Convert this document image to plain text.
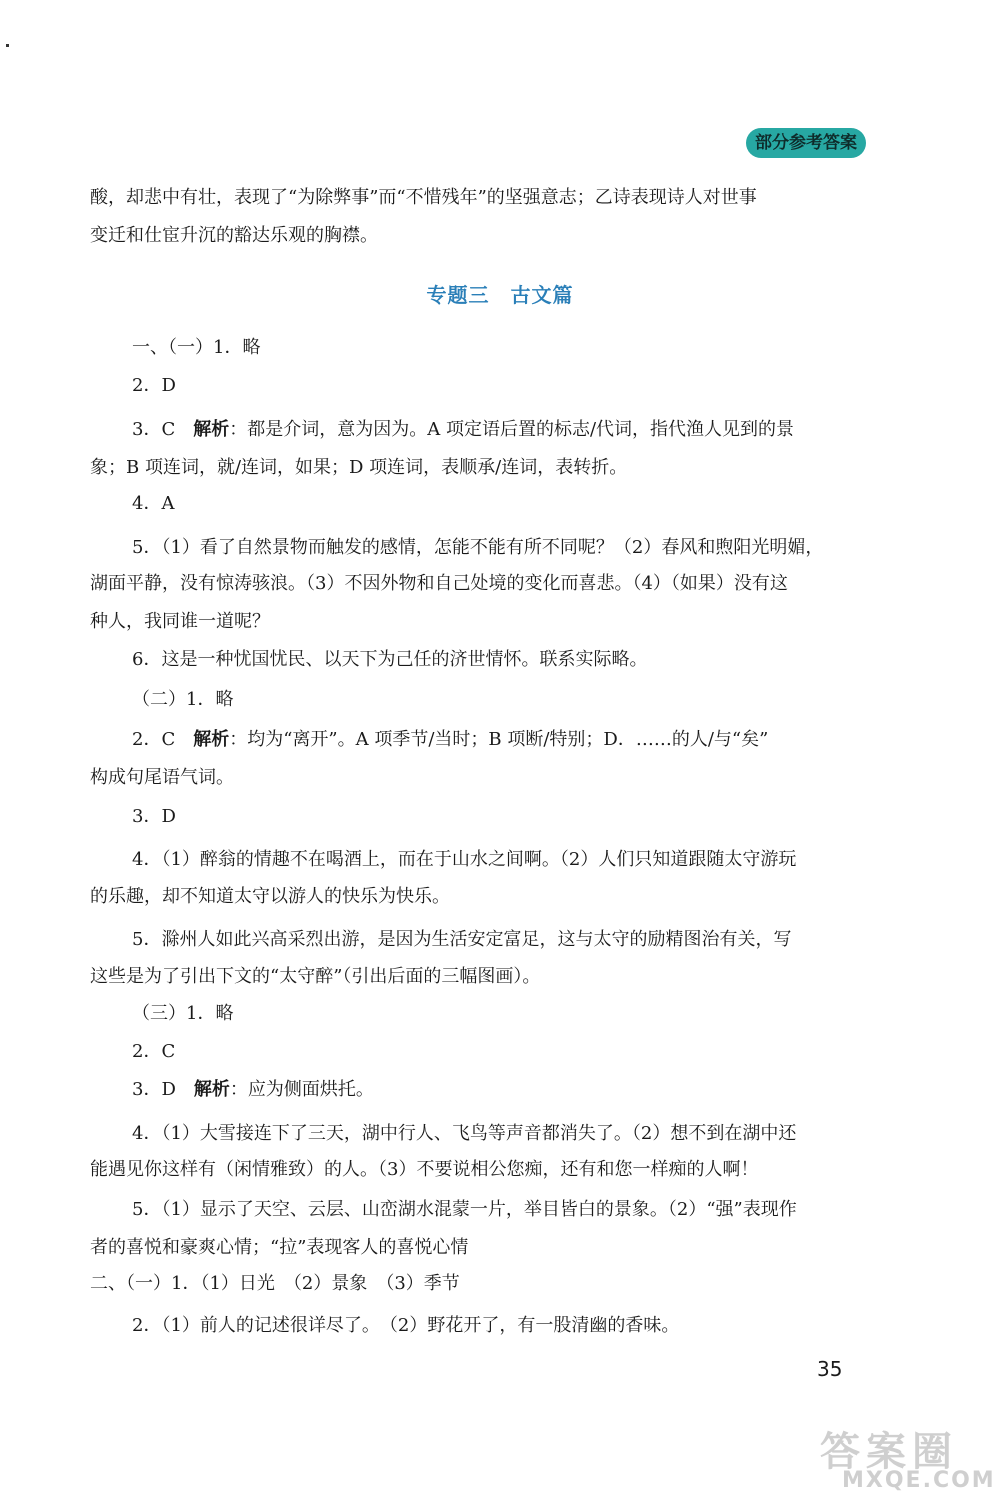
部分参考答案
酸，却悲中有壮，表现了“为除弊事”而“不惜残年”的坚强意志；乙诗表现诗人对世事
变迁和仕宦升沉的豁达乐观的胸襟。
专题三　古文篇
一、（一）1．略
2．D
3．C　解析：都是介词，意为因为。A 项定语后置的标志/代词，指代渔人见到的景
象；B 项连词，就/连词，如果；D 项连词，表顺承/连词，表转折。
4．A
5．（1）看了自然景物而触发的感情，怎能不能有所不同呢？（2）春风和煦阳光明媚，
湖面平静，没有惊涛骇浪。（3）不因外物和自己处境的变化而喜悲。（4）（如果）没有这
种人，我同谁一道呢？
6．这是一种忧国忧民、以天下为己任的济世情怀。联系实际略。
（二）1．略
2．C　解析：均为“离开”。A 项季节/当时；B 项断/特别；D．……的人/与“矣”
构成句尾语气词。
3．D
4．（1）醉翁的情趣不在喝酒上，而在于山水之间啊。（2）人们只知道跟随太守游玩
的乐趣，却不知道太守以游人的快乐为快乐。
5．滁州人如此兴高采烈出游，是因为生活安定富足，这与太守的励精图治有关，写
这些是为了引出下文的“太守醉”（引出后面的三幅图画）。
（三）1．略
2．C
3．D　解析：应为侧面烘托。
4．（1）大雪接连下了三天，湖中行人、飞鸟等声音都消失了。（2）想不到在湖中还
能遇见你这样有（闲情雅致）的人。（3）不要说相公您痴，还有和您一样痴的人啊！
5．（1）显示了天空、云层、山峦湖水混蒙一片，举目皆白的景象。（2）“强”表现作
者的喜悦和豪爽心情；“拉”表现客人的喜悦心情
二、（一）1．（1）日光　（2）景象　（3）季节
2．（1）前人的记述很详尽了。　（2）野花开了，有一股清幽的香味。
35
答案圈
MXQE.COM
